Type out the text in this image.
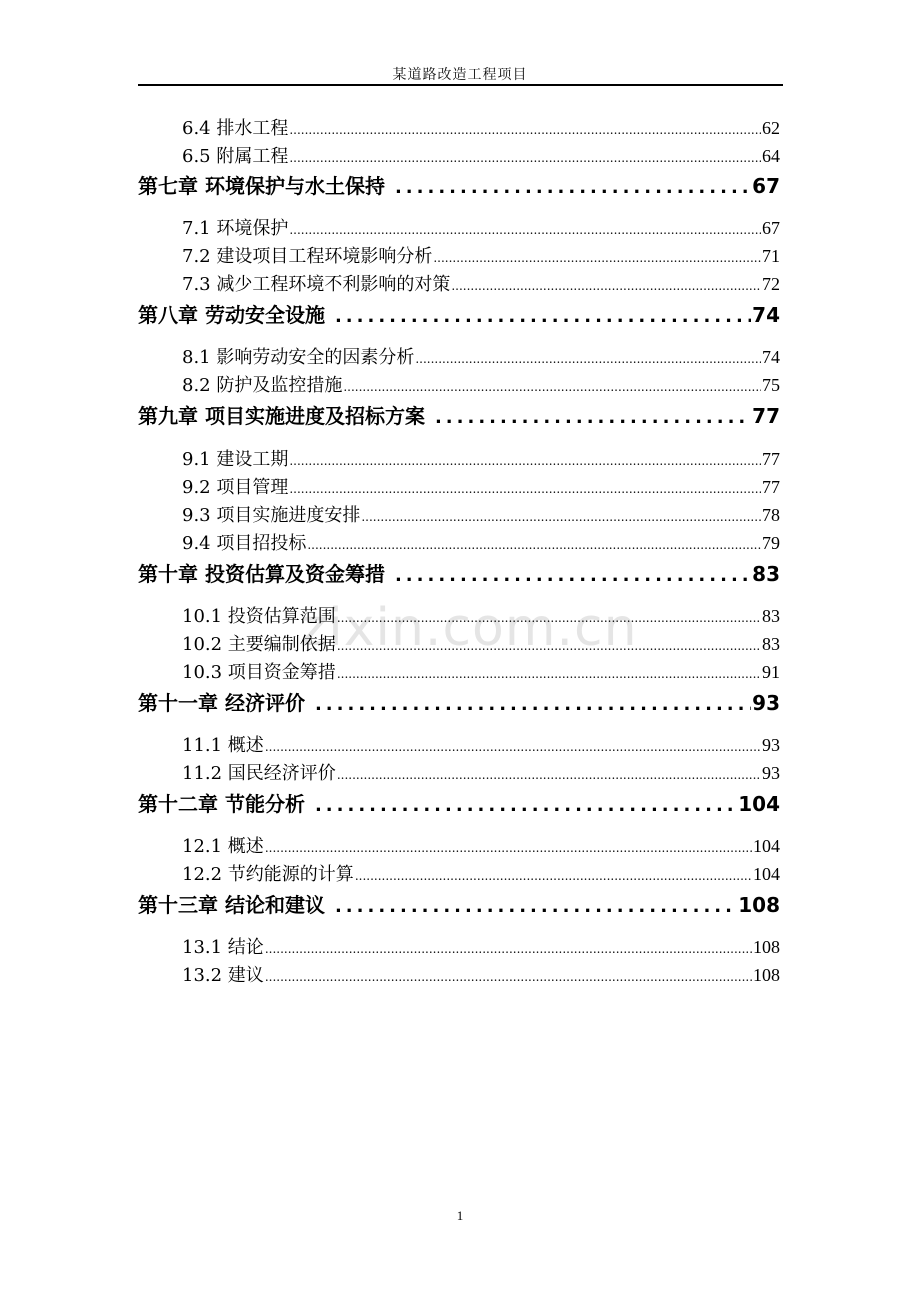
某道路改造工程项目
zixin.com.cn
6.4 排水工程 .....	62
6.5 附属工程 .....	64
第七章 环境保护与水土保持 .....	67
7.1 环境保护 .....	67
7.2 建设项目工程环境影响分析 .....	71
7.3 减少工程环境不利影响的对策 .....	72
第八章 劳动安全设施 .....	74
8.1 影响劳动安全的因素分析 .....	74
8.2 防护及监控措施 .....	75
第九章 项目实施进度及招标方案 .....	77
9.1 建设工期 .....	77
9.2 项目管理 .....	77
9.3 项目实施进度安排 .....	78
9.4 项目招投标 .....	79
第十章 投资估算及资金筹措 .....	83
10.1 投资估算范围 .....	83
10.2 主要编制依据 .....	83
10.3 项目资金筹措 .....	91
第十一章 经济评价 .....	93
11.1 概述 .....	93
11.2 国民经济评价 .....	93
第十二章 节能分析 .....	104
12.1 概述 .....	104
12.2 节约能源的计算 .....	104
第十三章 结论和建议 .....	108
13.1 结论 .....	108
13.2 建议 .....	108
1
